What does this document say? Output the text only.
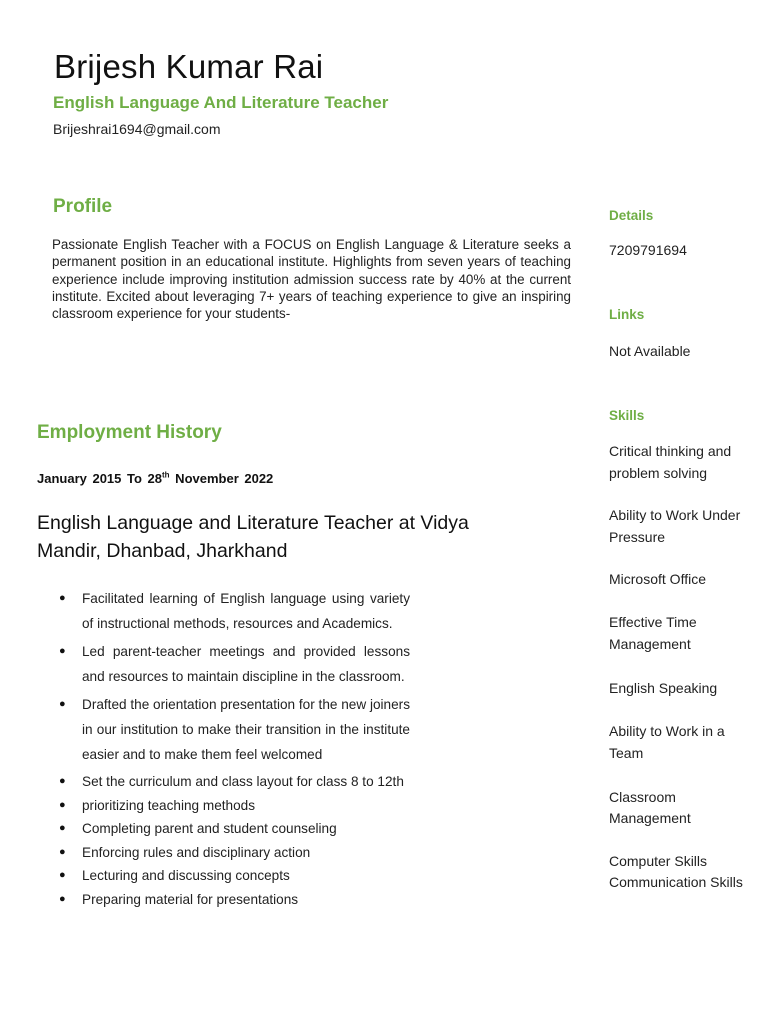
Brijesh Kumar Rai
English Language And Literature Teacher
Brijeshrai1694@gmail.com
Profile
Passionate English Teacher with a FOCUS on English Language & Literature seeks a permanent position in an educational institute. Highlights from seven years of teaching experience include improving institution admission success rate by 40% at the current institute. Excited about leveraging 7+ years of teaching experience to give an inspiring classroom experience for your students-
Employment History
January 2015 To 28th November 2022
English Language and Literature Teacher at Vidya Mandir, Dhanbad, Jharkhand
● Facilitated learning of English language using variety of instructional methods, resources and Academics.
● Led parent-teacher meetings and provided lessons and resources to maintain discipline in the classroom.
● Drafted the orientation presentation for the new joiners in our institution to make their transition in the institute easier and to make them feel welcomed
● Set the curriculum and class layout for class 8 to 12th
● prioritizing teaching methods
● Completing parent and student counseling
● Enforcing rules and disciplinary action
● Lecturing and discussing concepts
● Preparing material for presentations
Details
7209791694
Links
Not Available
Skills
Critical thinking and problem solving
Ability to Work Under Pressure
Microsoft Office
Effective Time Management
English Speaking
Ability to Work in a Team
Classroom Management
Computer Skills
Communication Skills
